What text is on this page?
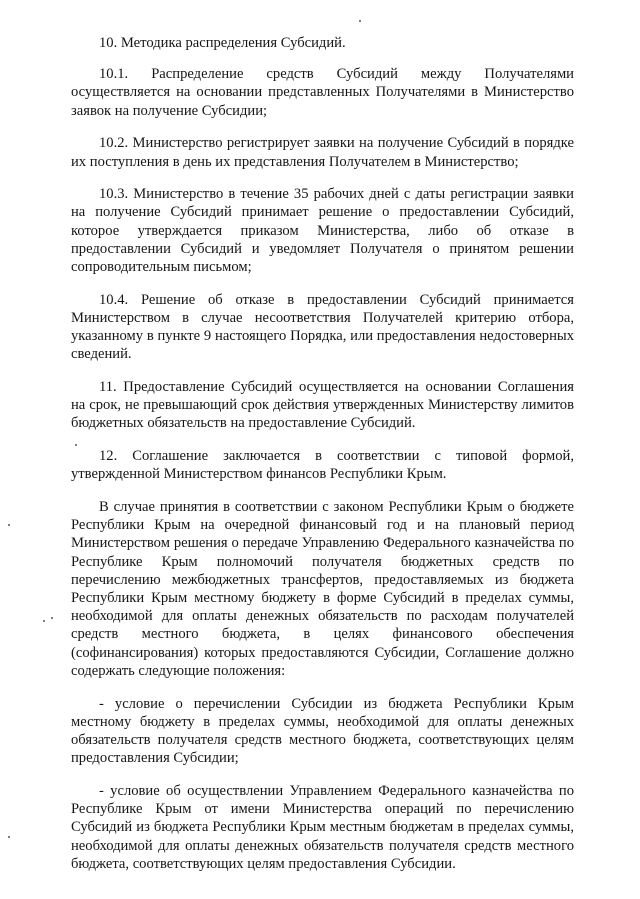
10. Методика распределения Субсидий.

10.1. Распределение средств Субсидий между Получателями осуществляется на основании представленных Получателями в Министерство заявок на получение Субсидии;

10.2. Министерство регистрирует заявки на получение Субсидий в порядке их поступления в день их представления Получателем в Министерство;

10.3. Министерство в течение 35 рабочих дней с даты регистрации заявки на получение Субсидий принимает решение о предоставлении Субсидий, которое утверждается приказом Министерства, либо об отказе в предоставлении Субсидий и уведомляет Получателя о принятом решении сопроводительным письмом;

10.4. Решение об отказе в предоставлении Субсидий принимается Министерством в случае несоответствия Получателей критерию отбора, указанному в пункте 9 настоящего Порядка, или предоставления недостоверных сведений.

11. Предоставление Субсидий осуществляется на основании Соглашения на срок, не превышающий срок действия утвержденных Министерству лимитов бюджетных обязательств на предоставление Субсидий.

12. Соглашение заключается в соответствии с типовой формой, утвержденной Министерством финансов Республики Крым.

В случае принятия в соответствии с законом Республики Крым о бюджете Республики Крым на очередной финансовый год и на плановый период Министерством решения о передаче Управлению Федерального казначейства по Республике Крым полномочий получателя бюджетных средств по перечислению межбюджетных трансфертов, предоставляемых из бюджета Республики Крым местному бюджету в форме Субсидий в пределах суммы, необходимой для оплаты денежных обязательств по расходам получателей средств местного бюджета, в целях финансового обеспечения (софинансирования) которых предоставляются Субсидии, Соглашение должно содержать следующие положения:

- условие о перечислении Субсидии из бюджета Республики Крым местному бюджету в пределах суммы, необходимой для оплаты денежных обязательств получателя средств местного бюджета, соответствующих целям предоставления Субсидии;

- условие об осуществлении Управлением Федерального казначейства по Республике Крым от имени Министерства операций по перечислению Субсидий из бюджета Республики Крым местным бюджетам в пределах суммы, необходимой для оплаты денежных обязательств получателя средств местного бюджета, соответствующих целям предоставления Субсидии.
